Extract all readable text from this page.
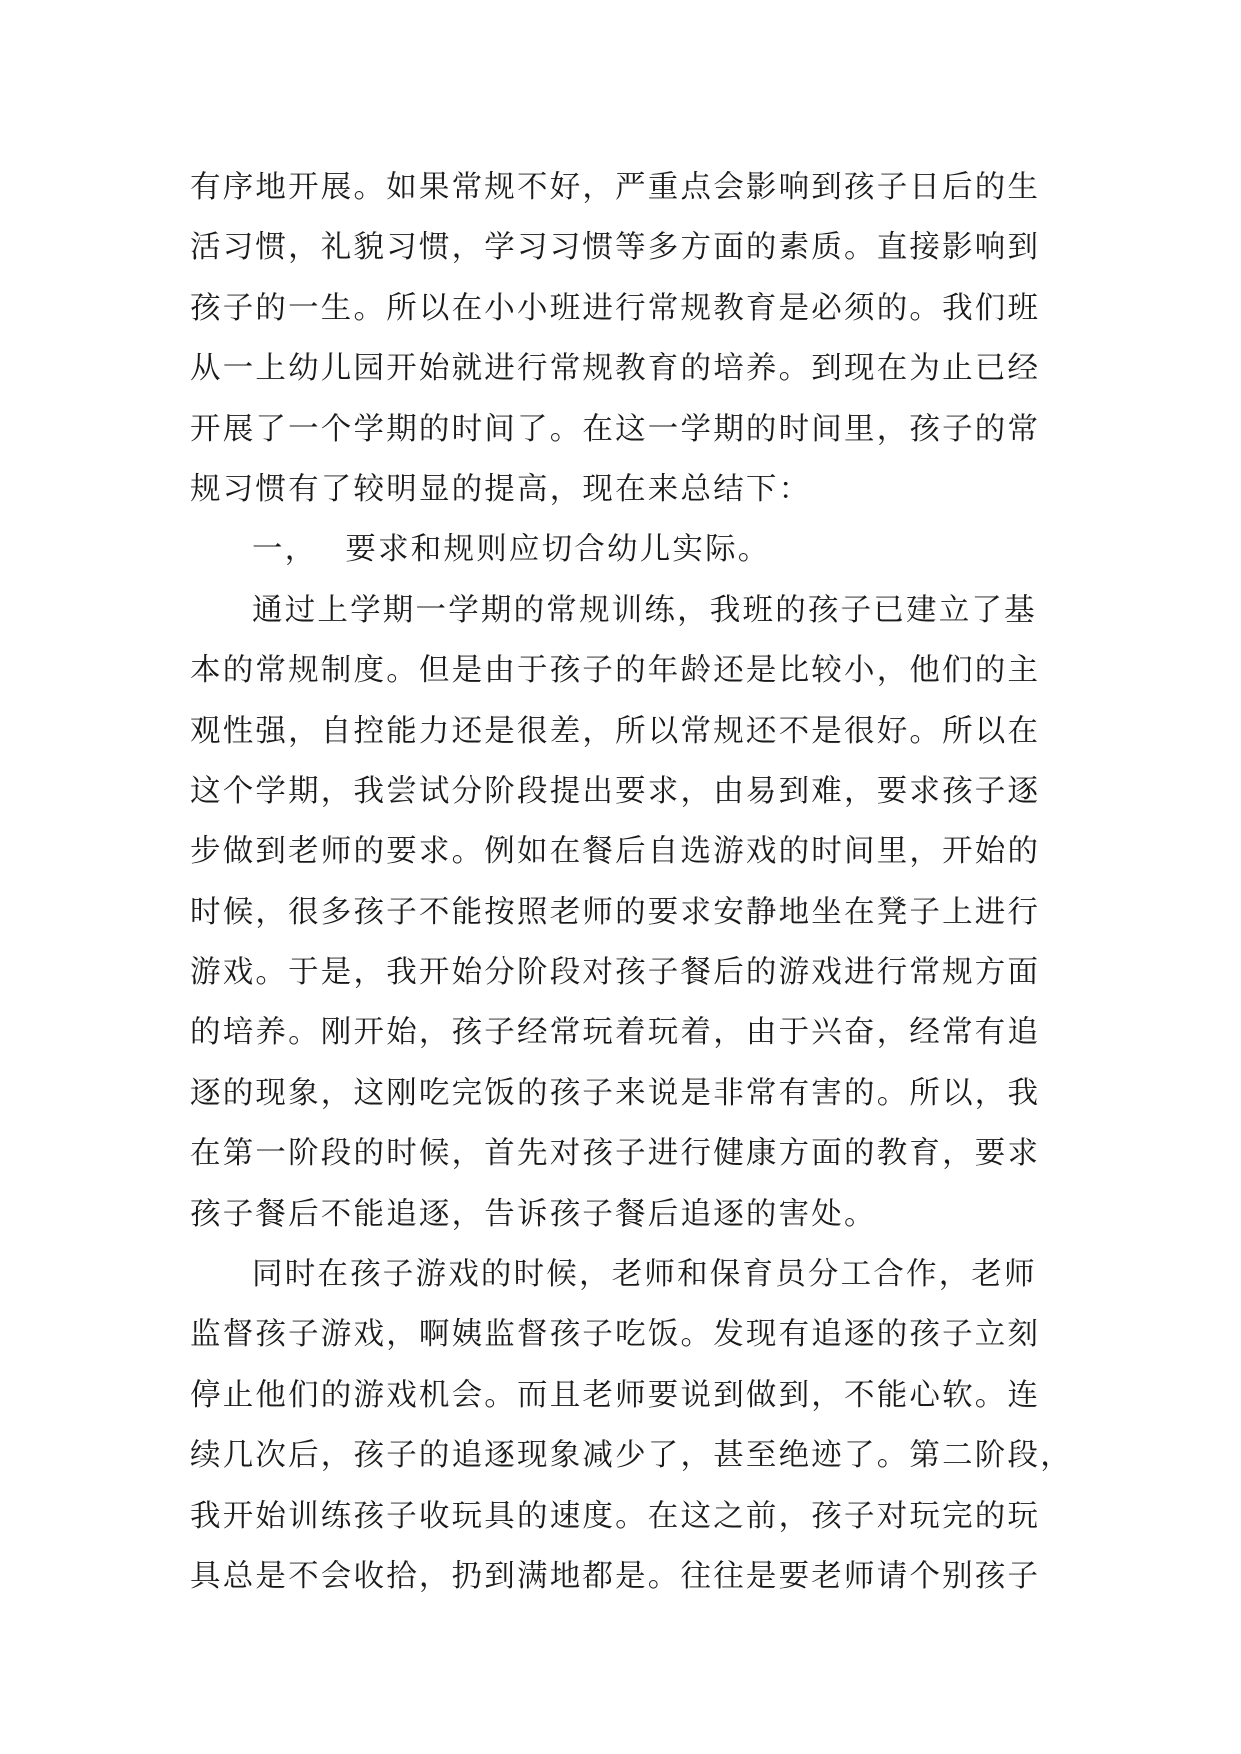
有序地开展。如果常规不好，严重点会影响到孩子日后的生
活习惯，礼貌习惯，学习习惯等多方面的素质。直接影响到
孩子的一生。所以在小小班进行常规教育是必须的。我们班
从一上幼儿园开始就进行常规教育的培养。到现在为止已经
开展了一个学期的时间了。在这一学期的时间里，孩子的常
规习惯有了较明显的提高，现在来总结下：
一， 要求和规则应切合幼儿实际。
通过上学期一学期的常规训练，我班的孩子已建立了基
本的常规制度。但是由于孩子的年龄还是比较小，他们的主
观性强，自控能力还是很差，所以常规还不是很好。所以在
这个学期，我尝试分阶段提出要求，由易到难，要求孩子逐
步做到老师的要求。例如在餐后自选游戏的时间里，开始的
时候，很多孩子不能按照老师的要求安静地坐在凳子上进行
游戏。于是，我开始分阶段对孩子餐后的游戏进行常规方面
的培养。刚开始，孩子经常玩着玩着，由于兴奋，经常有追
逐的现象，这刚吃完饭的孩子来说是非常有害的。所以，我
在第一阶段的时候，首先对孩子进行健康方面的教育，要求
孩子餐后不能追逐，告诉孩子餐后追逐的害处。
同时在孩子游戏的时候，老师和保育员分工合作，老师
监督孩子游戏，啊姨监督孩子吃饭。发现有追逐的孩子立刻
停止他们的游戏机会。而且老师要说到做到，不能心软。连
续几次后，孩子的追逐现象减少了，甚至绝迹了。第二阶段，
我开始训练孩子收玩具的速度。在这之前，孩子对玩完的玩
具总是不会收拾，扔到满地都是。往往是要老师请个别孩子
